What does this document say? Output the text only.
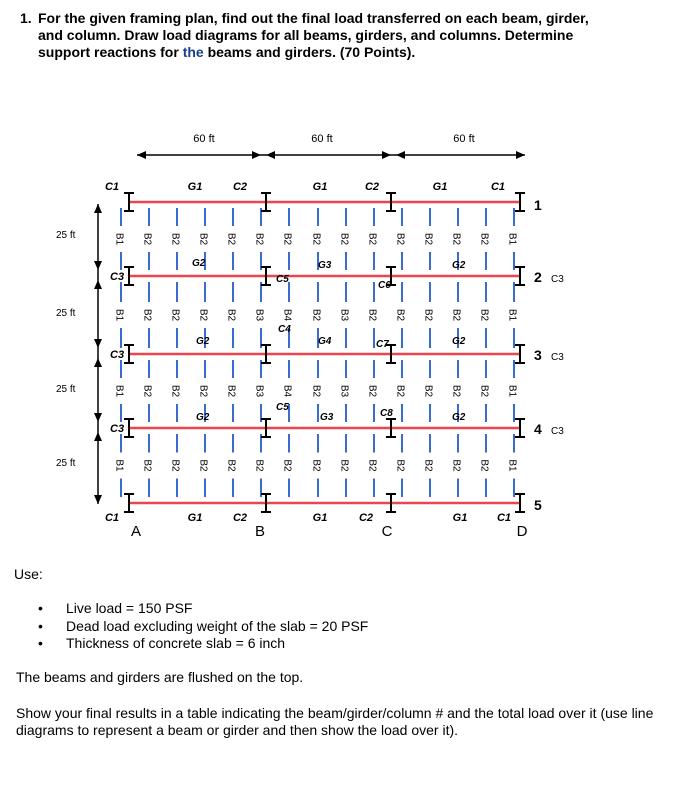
1. For the given framing plan, find out the final load transferred on each beam, girder,
and column. Draw load diagrams for all beams, girders, and columns. Determine
support reactions for the beams and girders. (70 Points).
B1 B2 B2 B2 B2 B2 B2 B2 B2 B2 B2 B2 B2 B2 B1
B1 B2 B2 B2 B2 B3 B4 B2 B3 B2 B2 B2 B2 B2 B1
B1 B2 B2 B2 B2 B3 B4 B2 B3 B2 B2 B2 B2 B2 B1
B1 B2 B2 B2 B2 B2 B2 B2 B2 B2 B2 B2 B2 B2 B1
60 ft	60 ft	60 ft
25 ft
25 ft
25 ft
25 ft
C1	G1	C2	G1	C2	G1	C1
C1	G1	C2	G1	C2	G1	C1
C3
C3
C3
1
2
3
4
5
C3
C3
C3
A	B	C	D
C5
C4
C5
C6
C7
C8
G2
G2
G2
G3
G4
G3
G2
G2
G2
Use:
• Live load = 150 PSF
• Dead load excluding weight of the slab = 20 PSF
• Thickness of concrete slab = 6 inch
The beams and girders are flushed on the top.
Show your final results in a table indicating the beam/girder/column # and the total load over it (use line diagrams to represent a beam or girder and then show the load over it).
